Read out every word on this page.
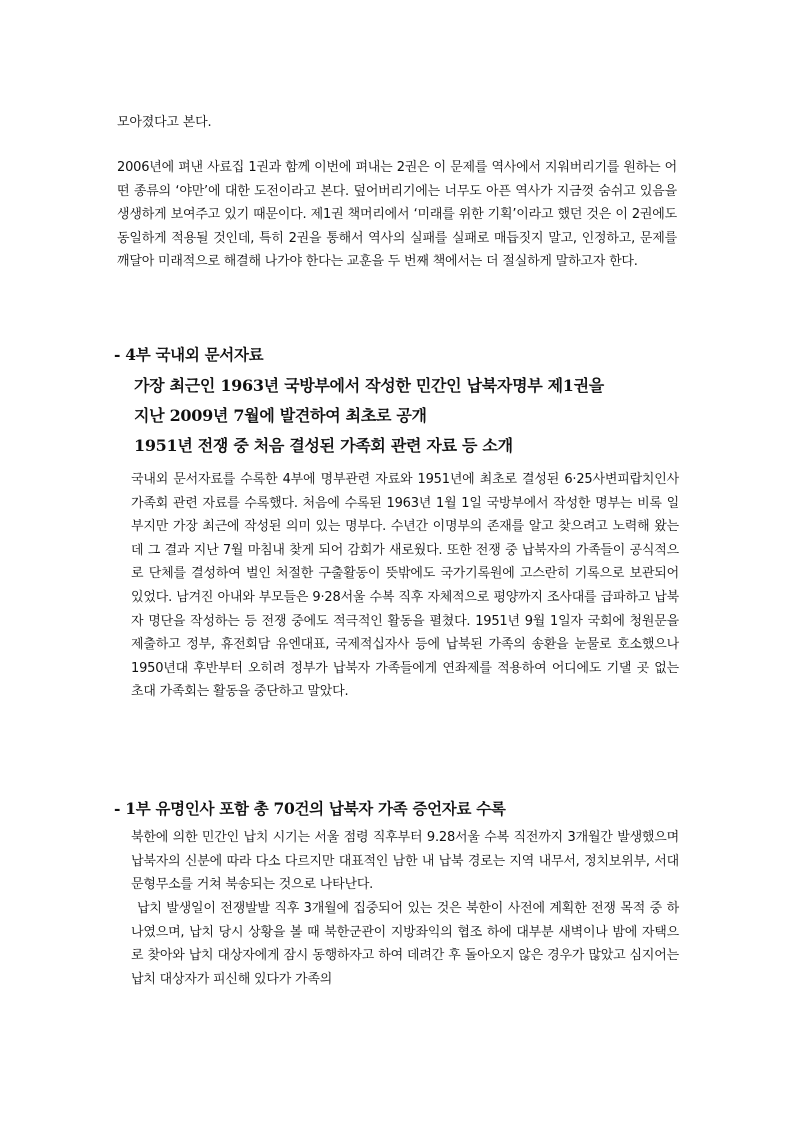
모아졌다고 본다.

2006년에 펴낸 사료집 1권과 함께 이번에 펴내는 2권은 이 문제를 역사에서 지워버리기를 원하는 어떤 종류의 ‘야만’에 대한 도전이라고 본다. 덮어버리기에는 너무도 아픈 역사가 지금껏 숨쉬고 있음을 생생하게 보여주고 있기 때문이다. 제1권 책머리에서 ‘미래를 위한 기획’이라고 했던 것은 이 2권에도 동일하게 적용될 것인데, 특히 2권을 통해서 역사의 실패를 실패로 매듭짓지 말고, 인정하고, 문제를 깨달아 미래적으로 해결해 나가야 한다는 교훈을 두 번째 책에서는 더 절실하게 말하고자 한다.

- 4부 국내외 문서자료
가장 최근인 1963년 국방부에서 작성한 민간인 납북자명부 제1권을
지난 2009년 7월에 발견하여 최초로 공개
1951년 전쟁 중 처음 결성된 가족회 관련 자료 등 소개

국내외 문서자료를 수록한 4부에 명부관련 자료와 1951년에 최초로 결성된 6·25사변피랍치인사가족회 관련 자료를 수록했다. 처음에 수록된 1963년 1월 1일 국방부에서 작성한 명부는 비록 일부지만 가장 최근에 작성된 의미 있는 명부다. 수년간 이명부의 존재를 알고 찾으려고 노력해 왔는데 그 결과 지난 7월 마침내 찾게 되어 감회가 새로웠다. 또한 전쟁 중 납북자의 가족들이 공식적으로 단체를 결성하여 벌인 처절한 구출활동이 뜻밖에도 국가기록원에 고스란히 기록으로 보관되어 있었다. 남겨진 아내와 부모들은 9·28서울 수복 직후 자체적으로 평양까지 조사대를 급파하고 납북자 명단을 작성하는 등 전쟁 중에도 적극적인 활동을 펼쳤다. 1951년 9월 1일자 국회에 청원문을 제출하고 정부, 휴전회담 유엔대표, 국제적십자사 등에 납북된 가족의 송환을 눈물로 호소했으나 1950년대 후반부터 오히려 정부가 납북자 가족들에게 연좌제를 적용하여 어디에도 기댈 곳 없는 초대 가족회는 활동을 중단하고 말았다.

- 1부 유명인사 포함 총 70건의 납북자 가족 증언자료 수록

북한에 의한 민간인 납치 시기는 서울 점령 직후부터 9.28서울 수복 직전까지 3개월간 발생했으며 납북자의 신분에 따라 다소 다르지만 대표적인 남한 내 납북 경로는 지역 내무서, 정치보위부, 서대문형무소를 거쳐 북송되는 것으로 나타난다.

납치 발생일이 전쟁발발 직후 3개월에 집중되어 있는 것은 북한이 사전에 계획한 전쟁 목적 중 하나였으며, 납치 당시 상황을 볼 때 북한군관이 지방좌익의 협조 하에 대부분 새벽이나 밤에 자택으로 찾아와 납치 대상자에게 잠시 동행하자고 하여 데려간 후 돌아오지 않은 경우가 많았고 심지어는 납치 대상자가 피신해 있다가 가족의
